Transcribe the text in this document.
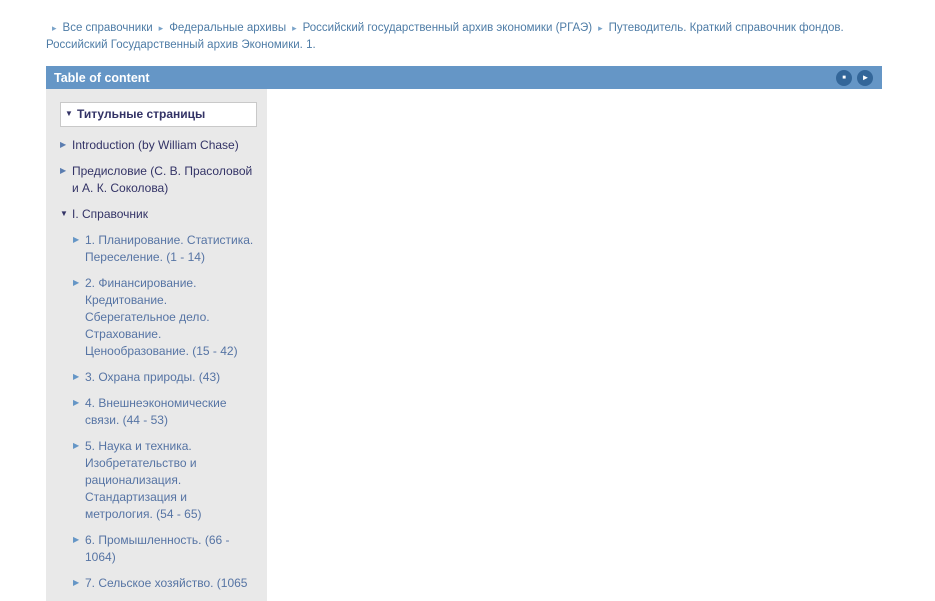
▸ Все справочники ▸ Федеральные архивы ▸ Российский государственный архив экономики (РГАЭ) ▸ Путеводитель. Краткий справочник фондов. Российский Государственный архив Экономики. 1.
Table of content	■ ►
▼ Титульные страницы
▶ Introduction (by William Chase)
▶ Предисловие (С. В. Прасоловой и А. К. Соколова)
▼ I. Справочник
▶ 1. Планирование. Статистика. Переселение. (1 - 14)
▶ 2. Финансирование. Кредитование. Сберегательное дело. Страхование. Ценообразование. (15 - 42)
▶ 3. Охрана природы. (43)
▶ 4. Внешнеэкономические связи. (44 - 53)
▶ 5. Наука и техника. Изобретательство и рационализация. Стандартизация и метрология. (54 - 65)
▶ 6. Промышленность. (66 - 1064)
▶ 7. Сельское хозяйство. (1065
